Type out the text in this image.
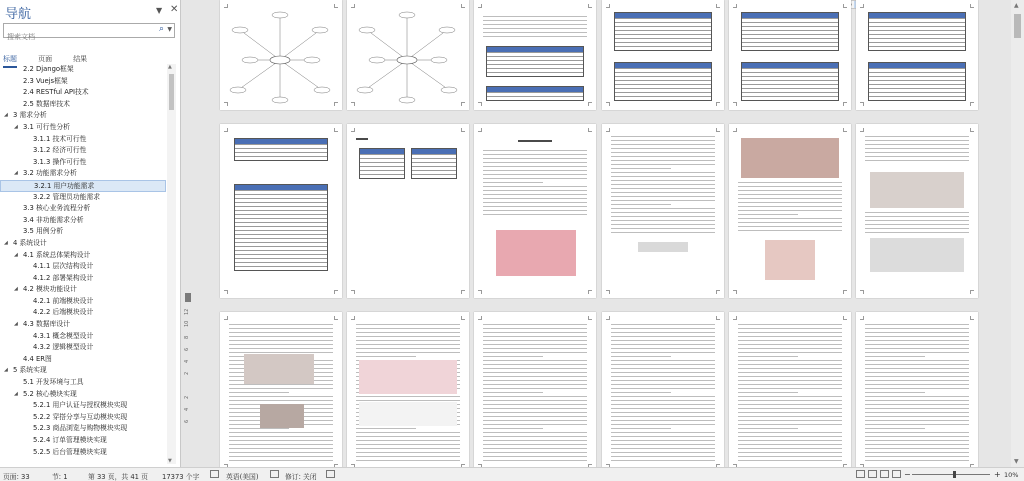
导航	▼ ✕
搜索文档
⌕ ▼
标题	页面	结果
2.2 Django框架
2.3 Vuejs框架
2.4 RESTful API技术
2.5 数据库技术
◢ 3 需求分析
◢ 3.1 可行性分析
3.1.1 技术可行性
3.1.2 经济可行性
3.1.3 操作可行性
◢ 3.2 功能需求分析
3.2.1 用户功能需求
3.2.2 管理员功能需求
3.3 核心业务流程分析
3.4 非功能需求分析
3.5 用例分析
◢ 4 系统设计
◢ 4.1 系统总体架构设计
4.1.1 层次结构设计
4.1.2 部署架构设计
◢ 4.2 模块功能设计
4.2.1 前端模块设计
4.2.2 后端模块设计
◢ 4.3 数据库设计
4.3.1 概念模型设计
4.3.2 逻辑模型设计
4.4 ER图
◢ 5 系统实现
5.1 开发环境与工具
◢ 5.2 核心模块实现
5.2.1 用户认证与授权模块实现
5.2.2 穿搭分享与互动模块实现
5.2.3 商品浏览与购物模块实现
5.2.4 订单管理模块实现
5.2.5 后台管理模块实现
▲
▼
12
10
8
6
4
2
2
4
6
▲
▼
页面: 33	节: 1	第 33 页，共 41 页 17373 个字	英语(美国)	修订: 关闭	−	+ 10%
